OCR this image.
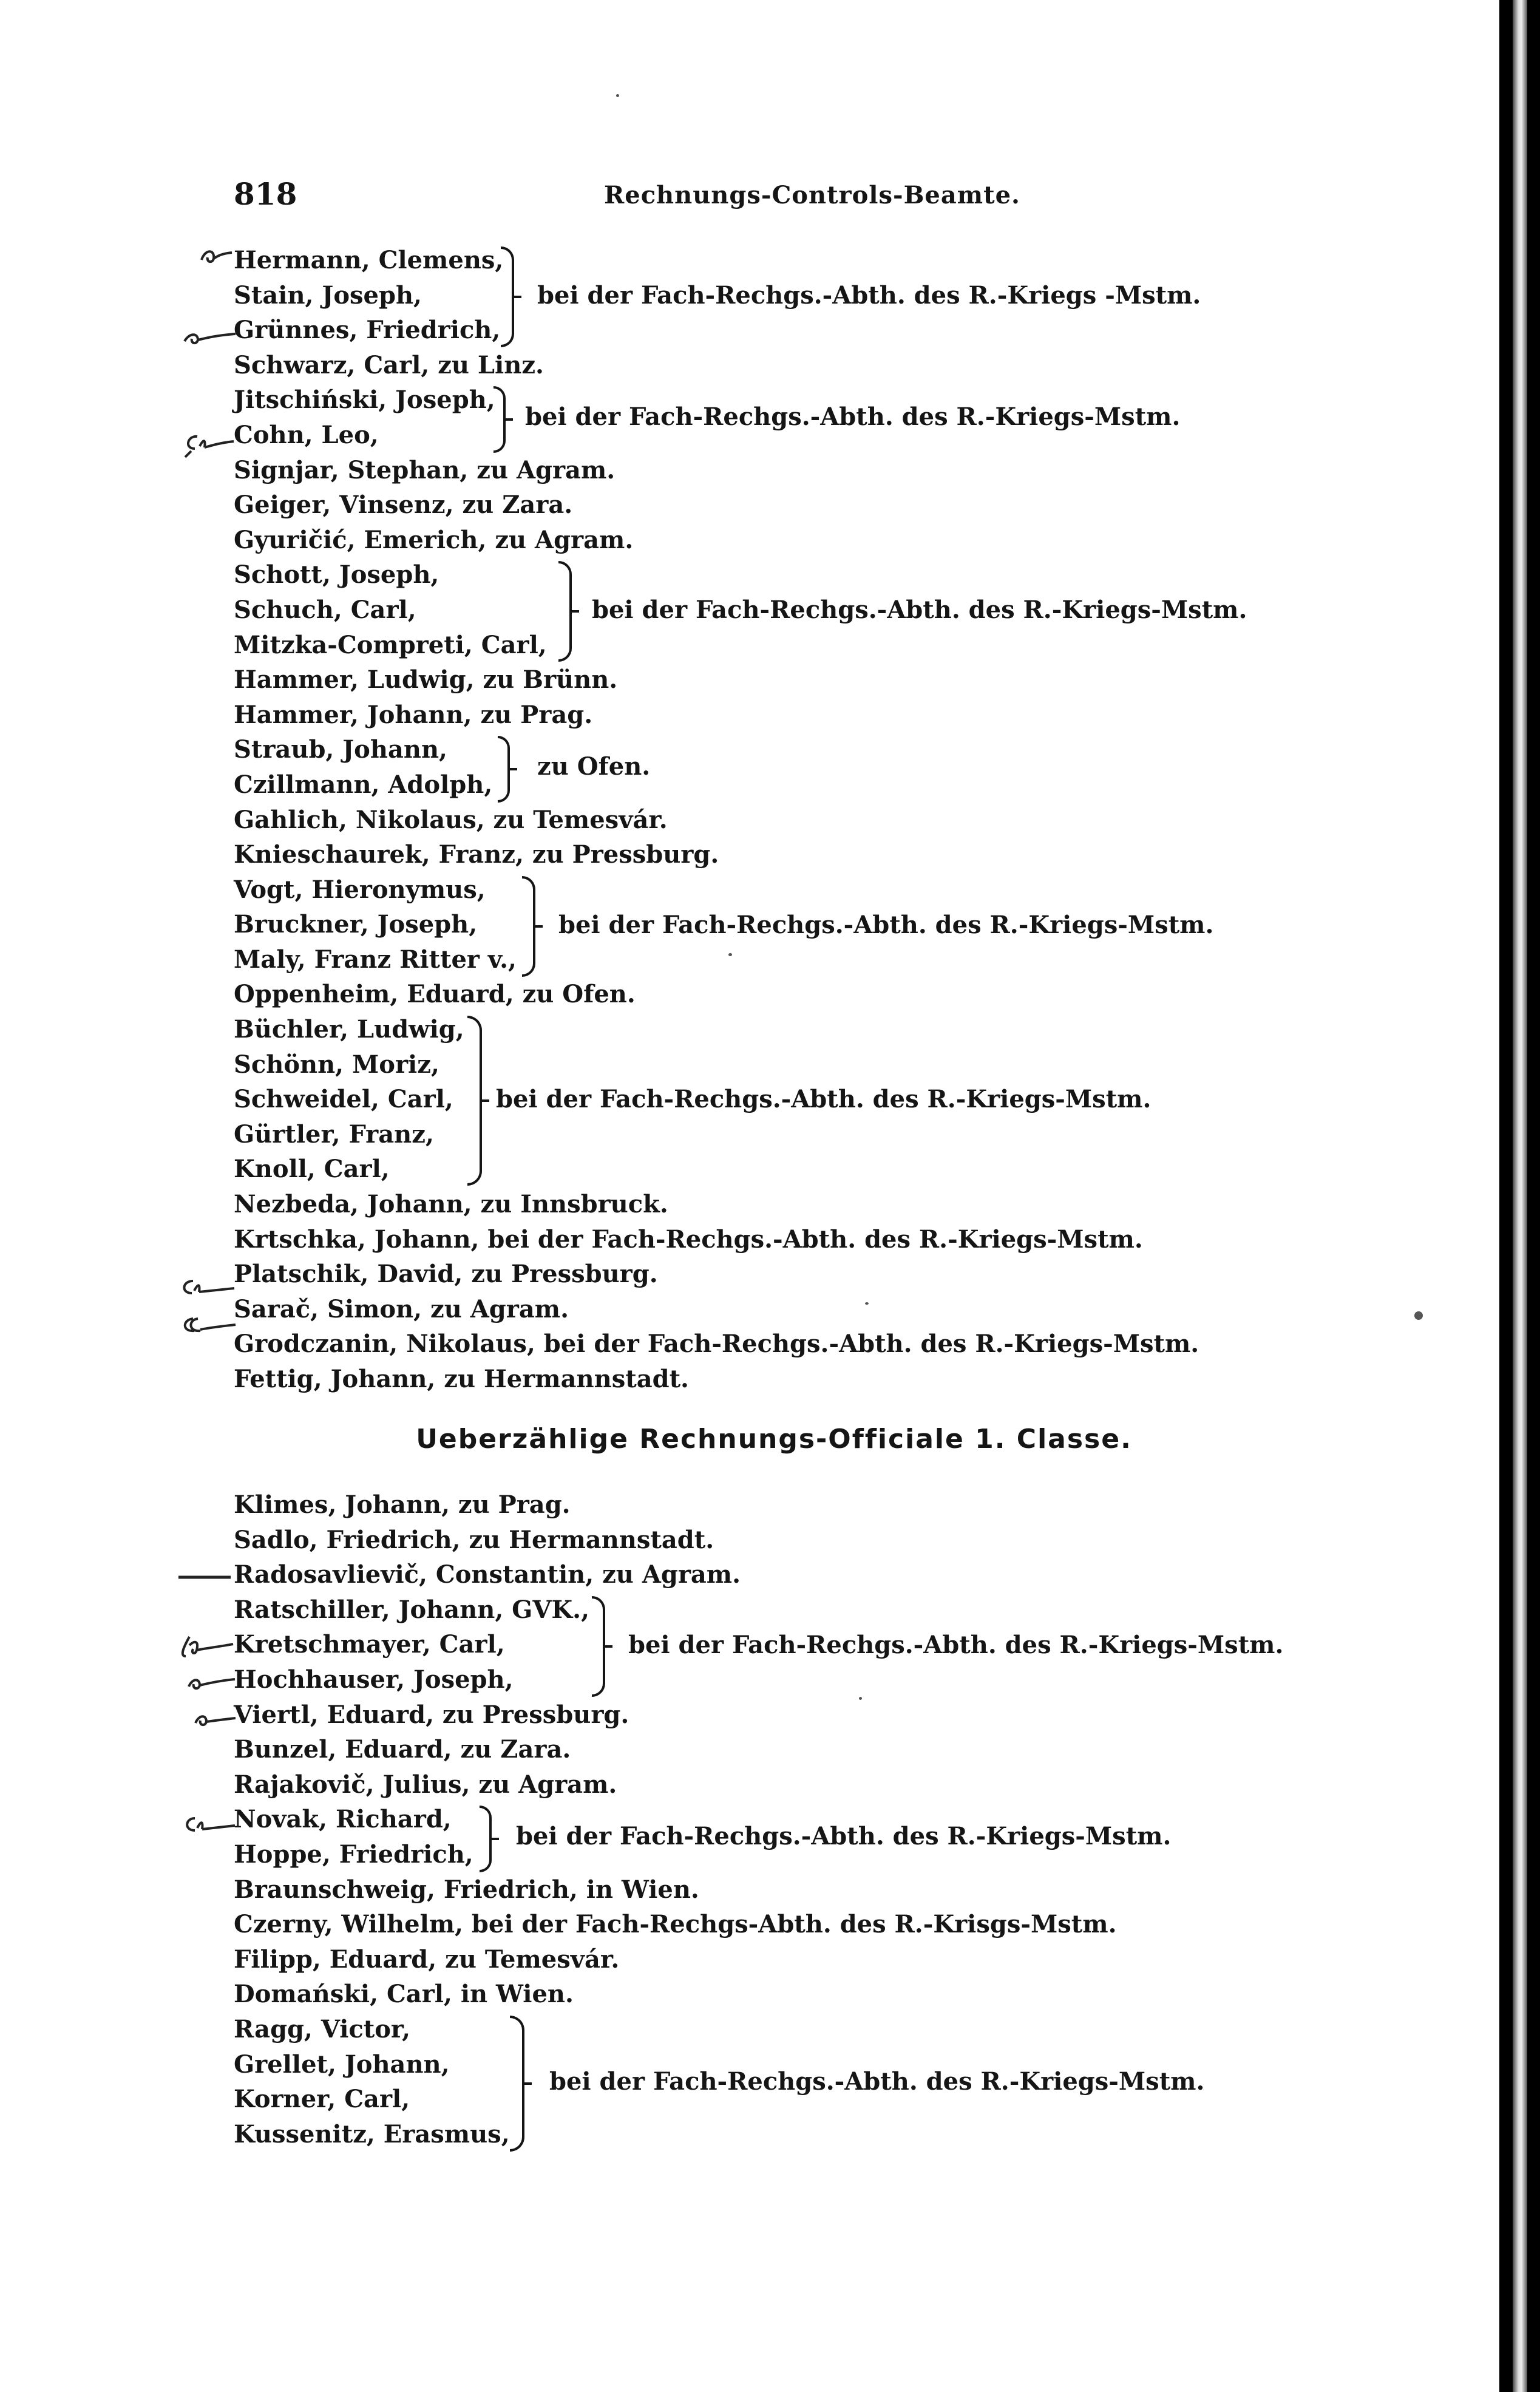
818	Rechnungs-Controls-Beamte.
Hermann, Clemens,
Stain, Joseph,
Grünnes, Friedrich,
bei der Fach-Rechgs.-Abth. des R.-Kriegs -Mstm.
Schwarz, Carl, zu Linz.
Jitschiński, Joseph,
Cohn, Leo,
bei der Fach-Rechgs.-Abth. des R.-Kriegs-Mstm.
Signjar, Stephan, zu Agram.
Geiger, Vinsenz, zu Zara.
Gyuričić, Emerich, zu Agram.
Schott, Joseph,
Schuch, Carl,
Mitzka-Compreti, Carl,
bei der Fach-Rechgs.-Abth. des R.-Kriegs-Mstm.
Hammer, Ludwig, zu Brünn.
Hammer, Johann, zu Prag.
Straub, Johann,
Czillmann, Adolph,
zu Ofen.
Gahlich, Nikolaus, zu Temesvár.
Knieschaurek, Franz, zu Pressburg.
Vogt, Hieronymus,
Bruckner, Joseph,
Maly, Franz Ritter v.,
bei der Fach-Rechgs.-Abth. des R.-Kriegs-Mstm.
Oppenheim, Eduard, zu Ofen.
Büchler, Ludwig,
Schönn, Moriz,
Schweidel, Carl,
Gürtler, Franz,
Knoll, Carl,
bei der Fach-Rechgs.-Abth. des R.-Kriegs-Mstm.
Nezbeda, Johann, zu Innsbruck.
Krtschka, Johann, bei der Fach-Rechgs.-Abth. des R.-Kriegs-Mstm.
Platschik, David, zu Pressburg.
Sarač, Simon, zu Agram.
Grodczanin, Nikolaus, bei der Fach-Rechgs.-Abth. des R.-Kriegs-Mstm.
Fettig, Johann, zu Hermannstadt.
Ueberzählige Rechnungs-Officiale 1. Classe.
Klimes, Johann, zu Prag.
Sadlo, Friedrich, zu Hermannstadt.
Radosavlievič, Constantin, zu Agram.
Ratschiller, Johann, GVK.,
Kretschmayer, Carl,
Hochhauser, Joseph,
bei der Fach-Rechgs.-Abth. des R.-Kriegs-Mstm.
Viertl, Eduard, zu Pressburg.
Bunzel, Eduard, zu Zara.
Rajakovič, Julius, zu Agram.
Novak, Richard,
Hoppe, Friedrich,
bei der Fach-Rechgs.-Abth. des R.-Kriegs-Mstm.
Braunschweig, Friedrich, in Wien.
Czerny, Wilhelm, bei der Fach-Rechgs-Abth. des R.-Krisgs-Mstm.
Filipp, Eduard, zu Temesvár.
Domański, Carl, in Wien.
Ragg, Victor,
Grellet, Johann,
Korner, Carl,
Kussenitz, Erasmus,
bei der Fach-Rechgs.-Abth. des R.-Kriegs-Mstm.
